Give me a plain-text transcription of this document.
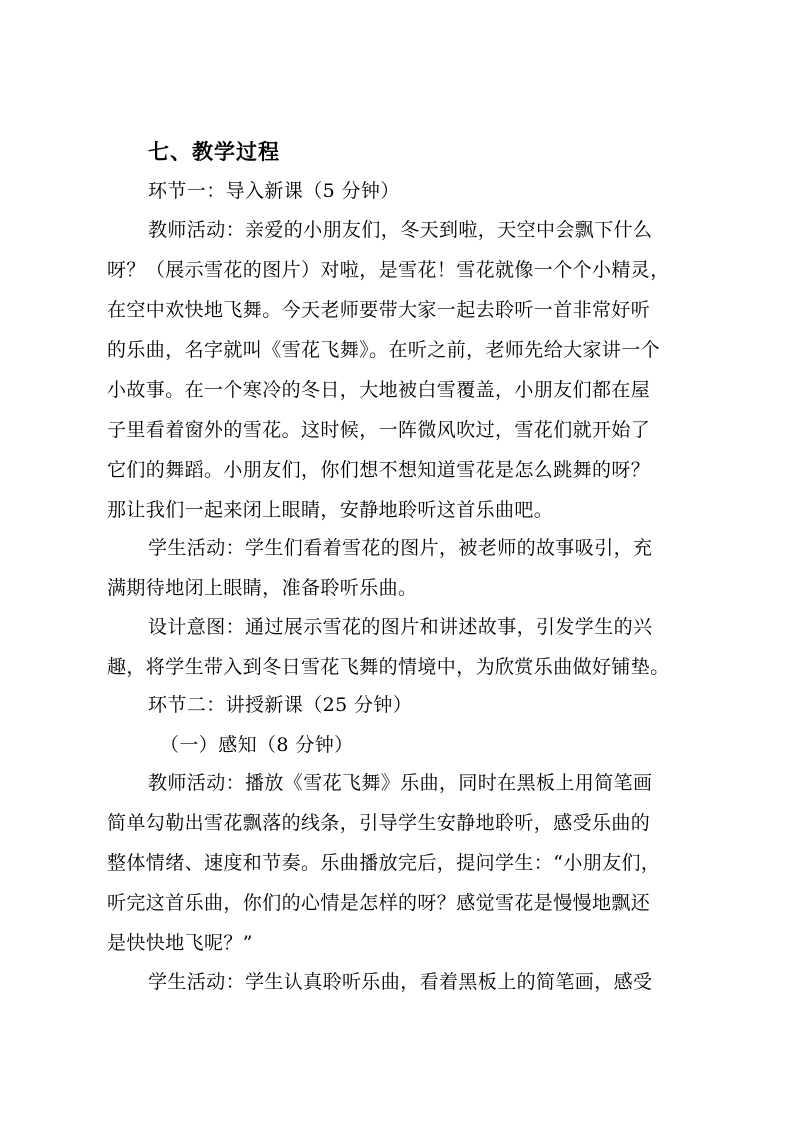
七、教学过程
环节一：导入新课（5 分钟）
教师活动：亲爱的小朋友们，冬天到啦，天空中会飘下什么
呀？（展示雪花的图片）对啦，是雪花！雪花就像一个个小精灵，
在空中欢快地飞舞。今天老师要带大家一起去聆听一首非常好听
的乐曲，名字就叫《雪花飞舞》。在听之前，老师先给大家讲一个
小故事。在一个寒冷的冬日，大地被白雪覆盖，小朋友们都在屋
子里看着窗外的雪花。这时候，一阵微风吹过，雪花们就开始了
它们的舞蹈。小朋友们，你们想不想知道雪花是怎么跳舞的呀？
那让我们一起来闭上眼睛，安静地聆听这首乐曲吧。
学生活动：学生们看着雪花的图片，被老师的故事吸引，充
满期待地闭上眼睛，准备聆听乐曲。
设计意图：通过展示雪花的图片和讲述故事，引发学生的兴
趣，将学生带入到冬日雪花飞舞的情境中，为欣赏乐曲做好铺垫。
环节二：讲授新课（25 分钟）
（一）感知（8 分钟）
教师活动：播放《雪花飞舞》乐曲，同时在黑板上用简笔画
简单勾勒出雪花飘落的线条，引导学生安静地聆听，感受乐曲的
整体情绪、速度和节奏。乐曲播放完后，提问学生：“小朋友们，
听完这首乐曲，你们的心情是怎样的呀？感觉雪花是慢慢地飘还
是快快地飞呢？”
学生活动：学生认真聆听乐曲，看着黑板上的简笔画，感受
